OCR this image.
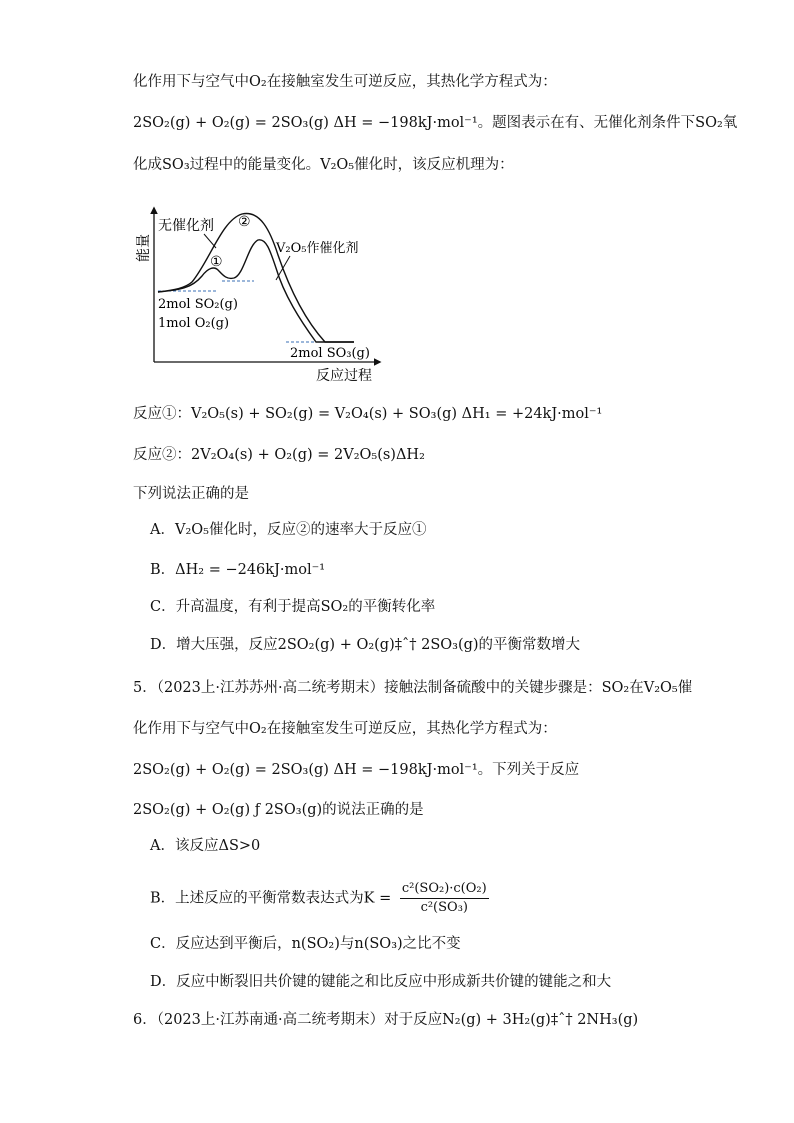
化作用下与空气中O₂在接触室发生可逆反应，其热化学方程式为：
2SO₂(g) + O₂(g) = 2SO₃(g) ΔH = −198kJ·mol⁻¹。题图表示在有、无催化剂条件下SO₂氧
化成SO₃过程中的能量变化。V₂O₅催化时，该反应机理为：
能量
反应过程
无催化剂
V₂O₅作催化剂
①
②
2mol SO₂(g)
1mol O₂(g)
2mol SO₃(g)
反应①：V₂O₅(s) + SO₂(g) = V₂O₄(s) + SO₃(g) ΔH₁ = +24kJ·mol⁻¹
反应②：2V₂O₄(s) + O₂(g) = 2V₂O₅(s)ΔH₂
下列说法正确的是
A．V₂O₅催化时，反应②的速率大于反应①
B．ΔH₂ = −246kJ·mol⁻¹
C．升高温度，有利于提高SO₂的平衡转化率
D．增大压强，反应2SO₂(g) + O₂(g)‡ˆ† 2SO₃(g)的平衡常数增大
5．（2023上·江苏苏州·高二统考期末）接触法制备硫酸中的关键步骤是：SO₂在V₂O₅催
化作用下与空气中O₂在接触室发生可逆反应，其热化学方程式为：
2SO₂(g) + O₂(g) = 2SO₃(g) ΔH = −198kJ·mol⁻¹。下列关于反应
2SO₂(g) + O₂(g) ƒ 2SO₃(g)的说法正确的是
A．该反应ΔS>0
B．上述反应的平衡常数表达式为$K = \frac{\text{c²(SO₂)·c(O₂)}}{\text{c²(SO₃)}}$
C．反应达到平衡后，n(SO₂)与n(SO₃)之比不变
D．反应中断裂旧共价键的键能之和比反应中形成新共价键的键能之和大
6．（2023上·江苏南通·高二统考期末）对于反应N₂(g) + 3H₂(g)‡ˆ† 2NH₃(g)
